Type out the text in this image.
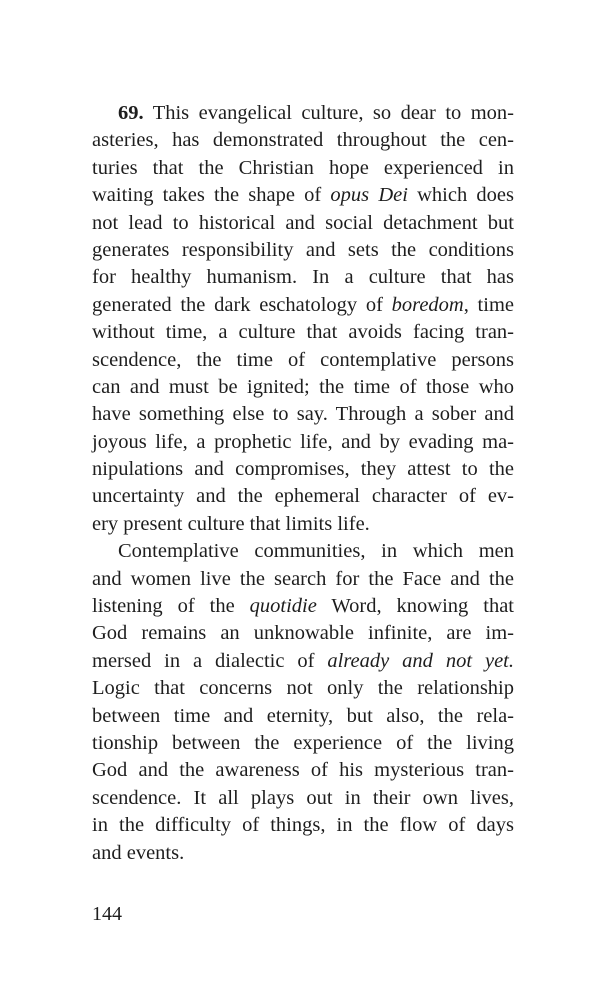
69. This evangelical culture, so dear to mon-
asteries, has demonstrated throughout the cen-
turies that the Christian hope experienced in
waiting takes the shape of opus Dei which does
not lead to historical and social detachment but
generates responsibility and sets the conditions
for healthy humanism. In a culture that has
generated the dark eschatology of boredom, time
without time, a culture that avoids facing tran-
scendence, the time of contemplative persons
can and must be ignited; the time of those who
have something else to say. Through a sober and
joyous life, a prophetic life, and by evading ma-
nipulations and compromises, they attest to the
uncertainty and the ephemeral character of ev-
ery present culture that limits life.
Contemplative communities, in which men
and women live the search for the Face and the
listening of the quotidie Word, knowing that
God remains an unknowable infinite, are im-
mersed in a dialectic of already and not yet.
Logic that concerns not only the relationship
between time and eternity, but also, the rela-
tionship between the experience of the living
God and the awareness of his mysterious tran-
scendence. It all plays out in their own lives,
in the difficulty of things, in the flow of days
and events.
144
